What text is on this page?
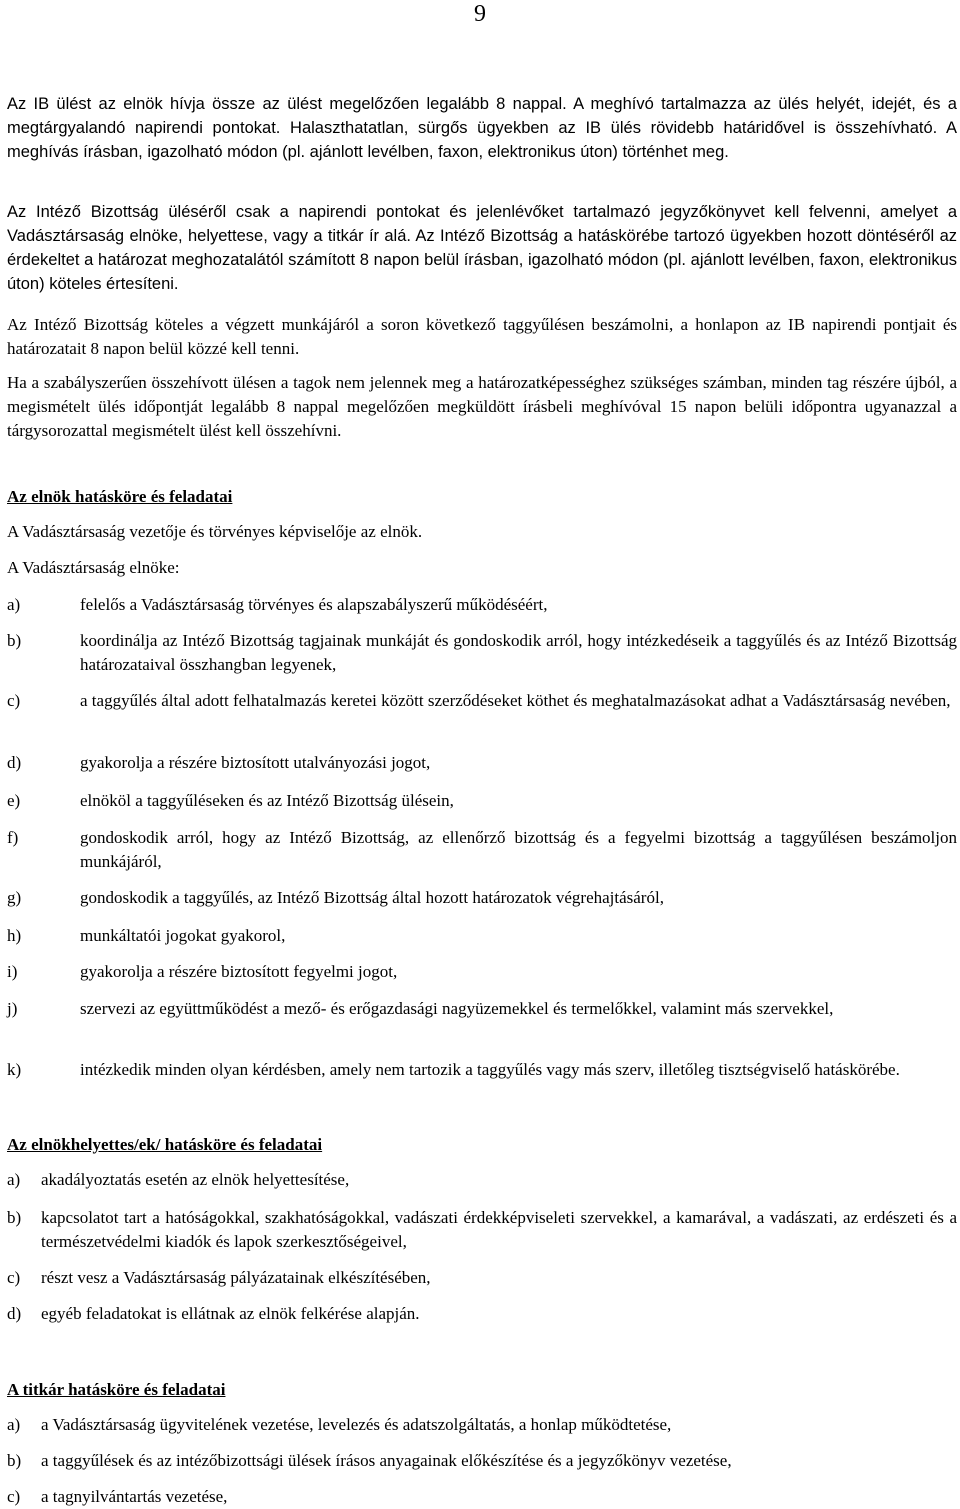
9

Az IB ülést az elnök hívja össze az ülést megelőzően legalább 8 nappal. A meghívó tartalmazza az ülés helyét, idejét, és a megtárgyalandó napirendi pontokat. Halaszthatatlan, sürgős ügyekben az IB ülés rövidebb határidővel is összehívható. A meghívás írásban, igazolható módon (pl. ajánlott levélben, faxon, elektronikus úton) történhet meg.

Az Intéző Bizottság üléséről csak a napirendi pontokat és jelenlévőket tartalmazó jegyzőkönyvet kell felvenni, amelyet a Vadásztársaság elnöke, helyettese, vagy a titkár ír alá. Az Intéző Bizottság a hatáskörébe tartozó ügyekben hozott döntéséről az érdekeltet a határozat meghozatalától számított 8 napon belül írásban, igazolható módon (pl. ajánlott levélben, faxon, elektronikus úton) köteles értesíteni.

Az Intéző Bizottság köteles a végzett munkájáról a soron következő taggyűlésen beszámolni, a honlapon az IB napirendi pontjait és határozatait 8 napon belül közzé kell tenni.

Ha a szabályszerűen összehívott ülésen a tagok nem jelennek meg a határozatképességhez szükséges számban, minden tag részére újból, a megismételt ülés időpontját legalább 8 nappal megelőzően megküldött írásbeli meghívóval 15 napon belüli időpontra ugyanazzal a tárgysorozattal megismételt ülést kell összehívni.

Az elnök hatásköre és feladatai

A Vadásztársaság vezetője és törvényes képviselője az elnök.

A Vadásztársaság elnöke:

a)	felelős a Vadásztársaság törvényes és alapszabályszerű működéséért,
b)	koordinálja az Intéző Bizottság tagjainak munkáját és gondoskodik arról, hogy intézkedéseik a taggyűlés és az Intéző Bizottság határozataival összhangban legyenek,
c)	a taggyűlés által adott felhatalmazás keretei között szerződéseket köthet és meghatalmazásokat adhat a Vadásztársaság nevében,
d)	gyakorolja a részére biztosított utalványozási jogot,
e)	elnököl a taggyűléseken és az Intéző Bizottság ülésein,
f)	gondoskodik arról, hogy az Intéző Bizottság, az ellenőrző bizottság és a fegyelmi bizottság a taggyűlésen beszámoljon munkájáról,
g)	gondoskodik a taggyűlés, az Intéző Bizottság által hozott határozatok végrehajtásáról,
h)	munkáltatói jogokat gyakorol,
i)	gyakorolja a részére biztosított fegyelmi jogot,
j)	szervezi az együttműködést a mező- és erőgazdasági nagyüzemekkel és termelőkkel, valamint más szervekkel,
k)	intézkedik minden olyan kérdésben, amely nem tartozik a taggyűlés vagy más szerv, illetőleg tisztségviselő hatáskörébe.
Az elnökhelyettes/ek/ hatásköre és feladatai
a) akadályoztatás esetén az elnök helyettesítése,
b) kapcsolatot tart a hatóságokkal, szakhatóságokkal, vadászati érdekképviseleti szervekkel, a kamarával, a vadászati, az erdészeti és a természetvédelmi kiadók és lapok szerkesztőségeivel,
c) részt vesz a Vadásztársaság pályázatainak elkészítésében,
d) egyéb feladatokat is ellátnak az elnök felkérése alapján.
A titkár hatásköre és feladatai
a) a Vadásztársaság ügyvitelének vezetése, levelezés és adatszolgáltatás, a honlap működtetése,
b) a taggyűlések és az intézőbizottsági ülések írásos anyagainak előkészítése és a jegyzőkönyv vezetése,
c) a tagnyilvántartás vezetése,
